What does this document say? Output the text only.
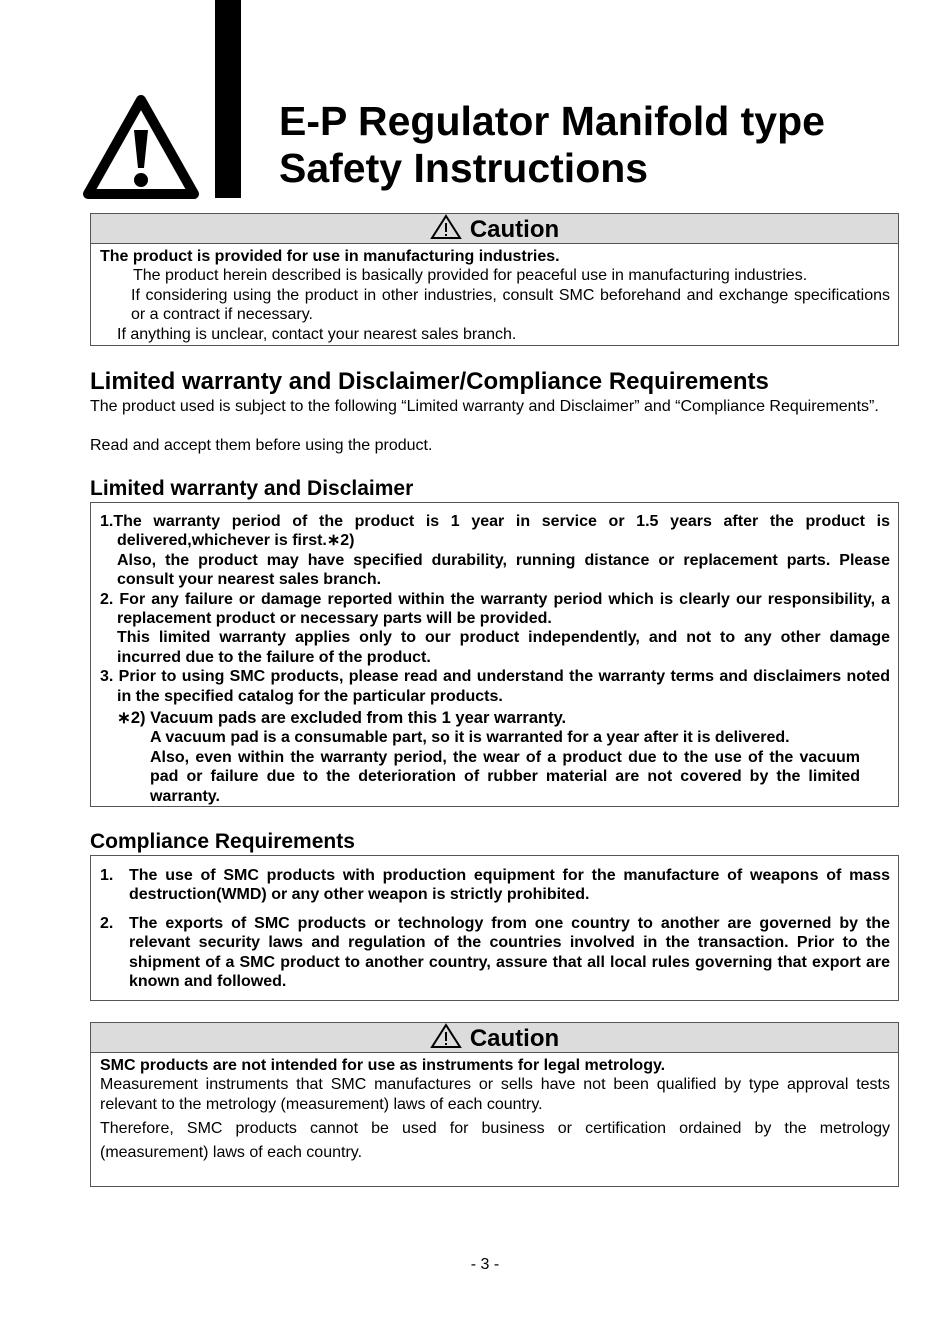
E-P Regulator Manifold type
Safety Instructions
Caution
The product is provided for use in manufacturing industries.
The product herein described is basically provided for peaceful use in manufacturing industries.
If considering using the product in other industries, consult SMC beforehand and exchange specifications or a contract if necessary.
If anything is unclear, contact your nearest sales branch.
Limited warranty and Disclaimer/Compliance Requirements
The product used is subject to the following “Limited warranty and Disclaimer” and “Compliance Requirements”.
Read and accept them before using the product.
Limited warranty and Disclaimer
1.The warranty period of the product is 1 year in service or 1.5 years after the product is delivered,whichever is first.∗2)
Also, the product may have specified durability, running distance or replacement parts. Please consult your nearest sales branch.
2. For any failure or damage reported within the warranty period which is clearly our responsibility, a replacement product or necessary parts will be provided.
This limited warranty applies only to our product independently, and not to any other damage incurred due to the failure of the product.
3. Prior to using SMC products, please read and understand the warranty terms and disclaimers noted in the specified catalog for the particular products.
∗2) Vacuum pads are excluded from this 1 year warranty.
A vacuum pad is a consumable part, so it is warranted for a year after it is delivered.
Also, even within the warranty period, the wear of a product due to the use of the vacuum pad or failure due to the deterioration of rubber material are not covered by the limited warranty.
Compliance Requirements
1. The use of SMC products with production equipment for the manufacture of weapons of mass destruction(WMD) or any other weapon is strictly prohibited.
2. The exports of SMC products or technology from one country to another are governed by the relevant security laws and regulation of the countries involved in the transaction. Prior to the shipment of a SMC product to another country, assure that all local rules governing that export are known and followed.
Caution
SMC products are not intended for use as instruments for legal metrology.
Measurement instruments that SMC manufactures or sells have not been qualified by type approval tests relevant to the metrology (measurement) laws of each country.
Therefore, SMC products cannot be used for business or certification ordained by the metrology (measurement) laws of each country.
- 3 -
